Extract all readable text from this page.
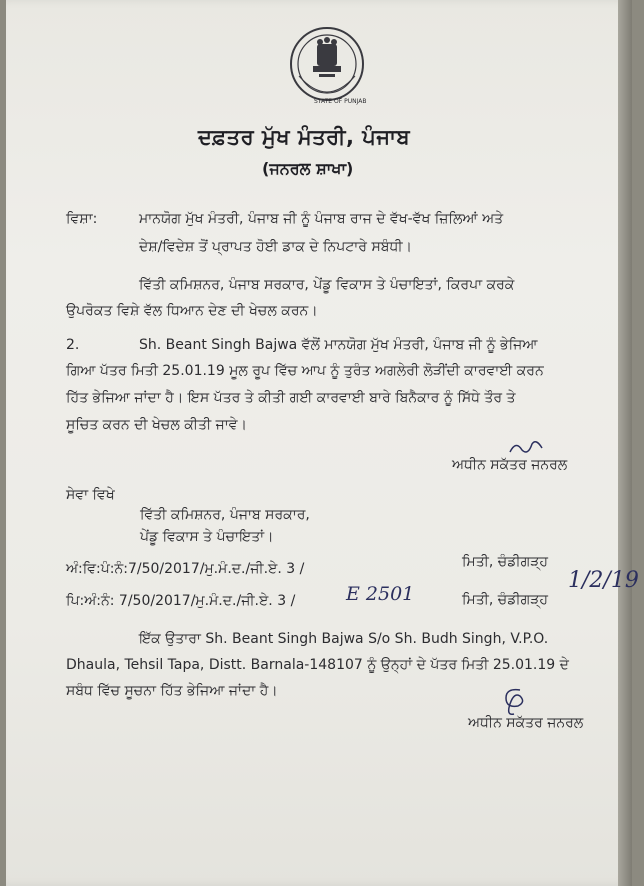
STATE OF PUNJAB
ਦਫ਼ਤਰ ਮੁੱਖ ਮੰਤਰੀ, ਪੰਜਾਬ
(ਜਨਰਲ ਸ਼ਾਖਾ)
ਵਿਸ਼ਾ:	ਮਾਨਯੋਗ ਮੁੱਖ ਮੰਤਰੀ, ਪੰਜਾਬ ਜੀ ਨੂੰ ਪੰਜਾਬ ਰਾਜ ਦੇ ਵੱਖ-ਵੱਖ ਜ਼ਿਲਿਆਂ ਅਤੇ
ਦੇਸ਼/ਵਿਦੇਸ਼ ਤੋਂ ਪ੍ਰਾਪਤ ਹੋਈ ਡਾਕ ਦੇ ਨਿਪਟਾਰੇ ਸਬੰਧੀ।
ਵਿੱਤੀ ਕਮਿਸ਼ਨਰ, ਪੰਜਾਬ ਸਰਕਾਰ, ਪੇਂਡੂ ਵਿਕਾਸ ਤੇ ਪੰਚਾਇਤਾਂ, ਕਿਰਪਾ ਕਰਕੇ
ਉਪਰੋਕਤ ਵਿਸ਼ੇ ਵੱਲ ਧਿਆਨ ਦੇਣ ਦੀ ਖੇਚਲ ਕਰਨ।
2.	Sh. Beant Singh Bajwa ਵੱਲੋਂ ਮਾਨਯੋਗ ਮੁੱਖ ਮੰਤਰੀ, ਪੰਜਾਬ ਜੀ ਨੂੰ ਭੇਜਿਆ
ਗਿਆ ਪੱਤਰ ਮਿਤੀ 25.01.19 ਮੂਲ ਰੂਪ ਵਿੱਚ ਆਪ ਨੂੰ ਤੁਰੰਤ ਅਗਲੇਰੀ ਲੋੜੀਂਦੀ ਕਾਰਵਾਈ ਕਰਨ
ਹਿੱਤ ਭੇਜਿਆ ਜਾਂਦਾ ਹੈ। ਇਸ ਪੱਤਰ ਤੇ ਕੀਤੀ ਗਈ ਕਾਰਵਾਈ ਬਾਰੇ ਬਿਨੈਕਾਰ ਨੂੰ ਸਿੱਧੇ ਤੌਰ ਤੇ
ਸੂਚਿਤ ਕਰਨ ਦੀ ਖੇਚਲ ਕੀਤੀ ਜਾਵੇ।
ਅਧੀਨ ਸਕੱਤਰ ਜਨਰਲ
ਸੇਵਾ ਵਿਖੇ
ਵਿੱਤੀ ਕਮਿਸ਼ਨਰ, ਪੰਜਾਬ ਸਰਕਾਰ,
ਪੇਂਡੂ ਵਿਕਾਸ ਤੇ ਪੰਚਾਇਤਾਂ।
ਅੰ:ਵਿ:ਪੰ:ਨੰ:7/50/2017/ਮੁ.ਮੰ.ਦ./ਜੀ.ਏ. 3 /	ਮਿਤੀ, ਚੰਡੀਗੜ੍ਹ
ਪਿ:ਅੰ:ਨੰ: 7/50/2017/ਮੁ.ਮੰ.ਦ./ਜੀ.ਏ. 3 /	E 2501	ਮਿਤੀ, ਚੰਡੀਗੜ੍ਹ
1/2/19
ਇੱਕ ਉਤਾਰਾ Sh. Beant Singh Bajwa S/o Sh. Budh Singh, V.P.O.
Dhaula, Tehsil Tapa, Distt. Barnala-148107 ਨੂੰ ਉਨ੍ਹਾਂ ਦੇ ਪੱਤਰ ਮਿਤੀ 25.01.19 ਦੇ
ਸਬੰਧ ਵਿੱਚ ਸੂਚਨਾ ਹਿੱਤ ਭੇਜਿਆ ਜਾਂਦਾ ਹੈ।
ਅਧੀਨ ਸਕੱਤਰ ਜਨਰਲ
